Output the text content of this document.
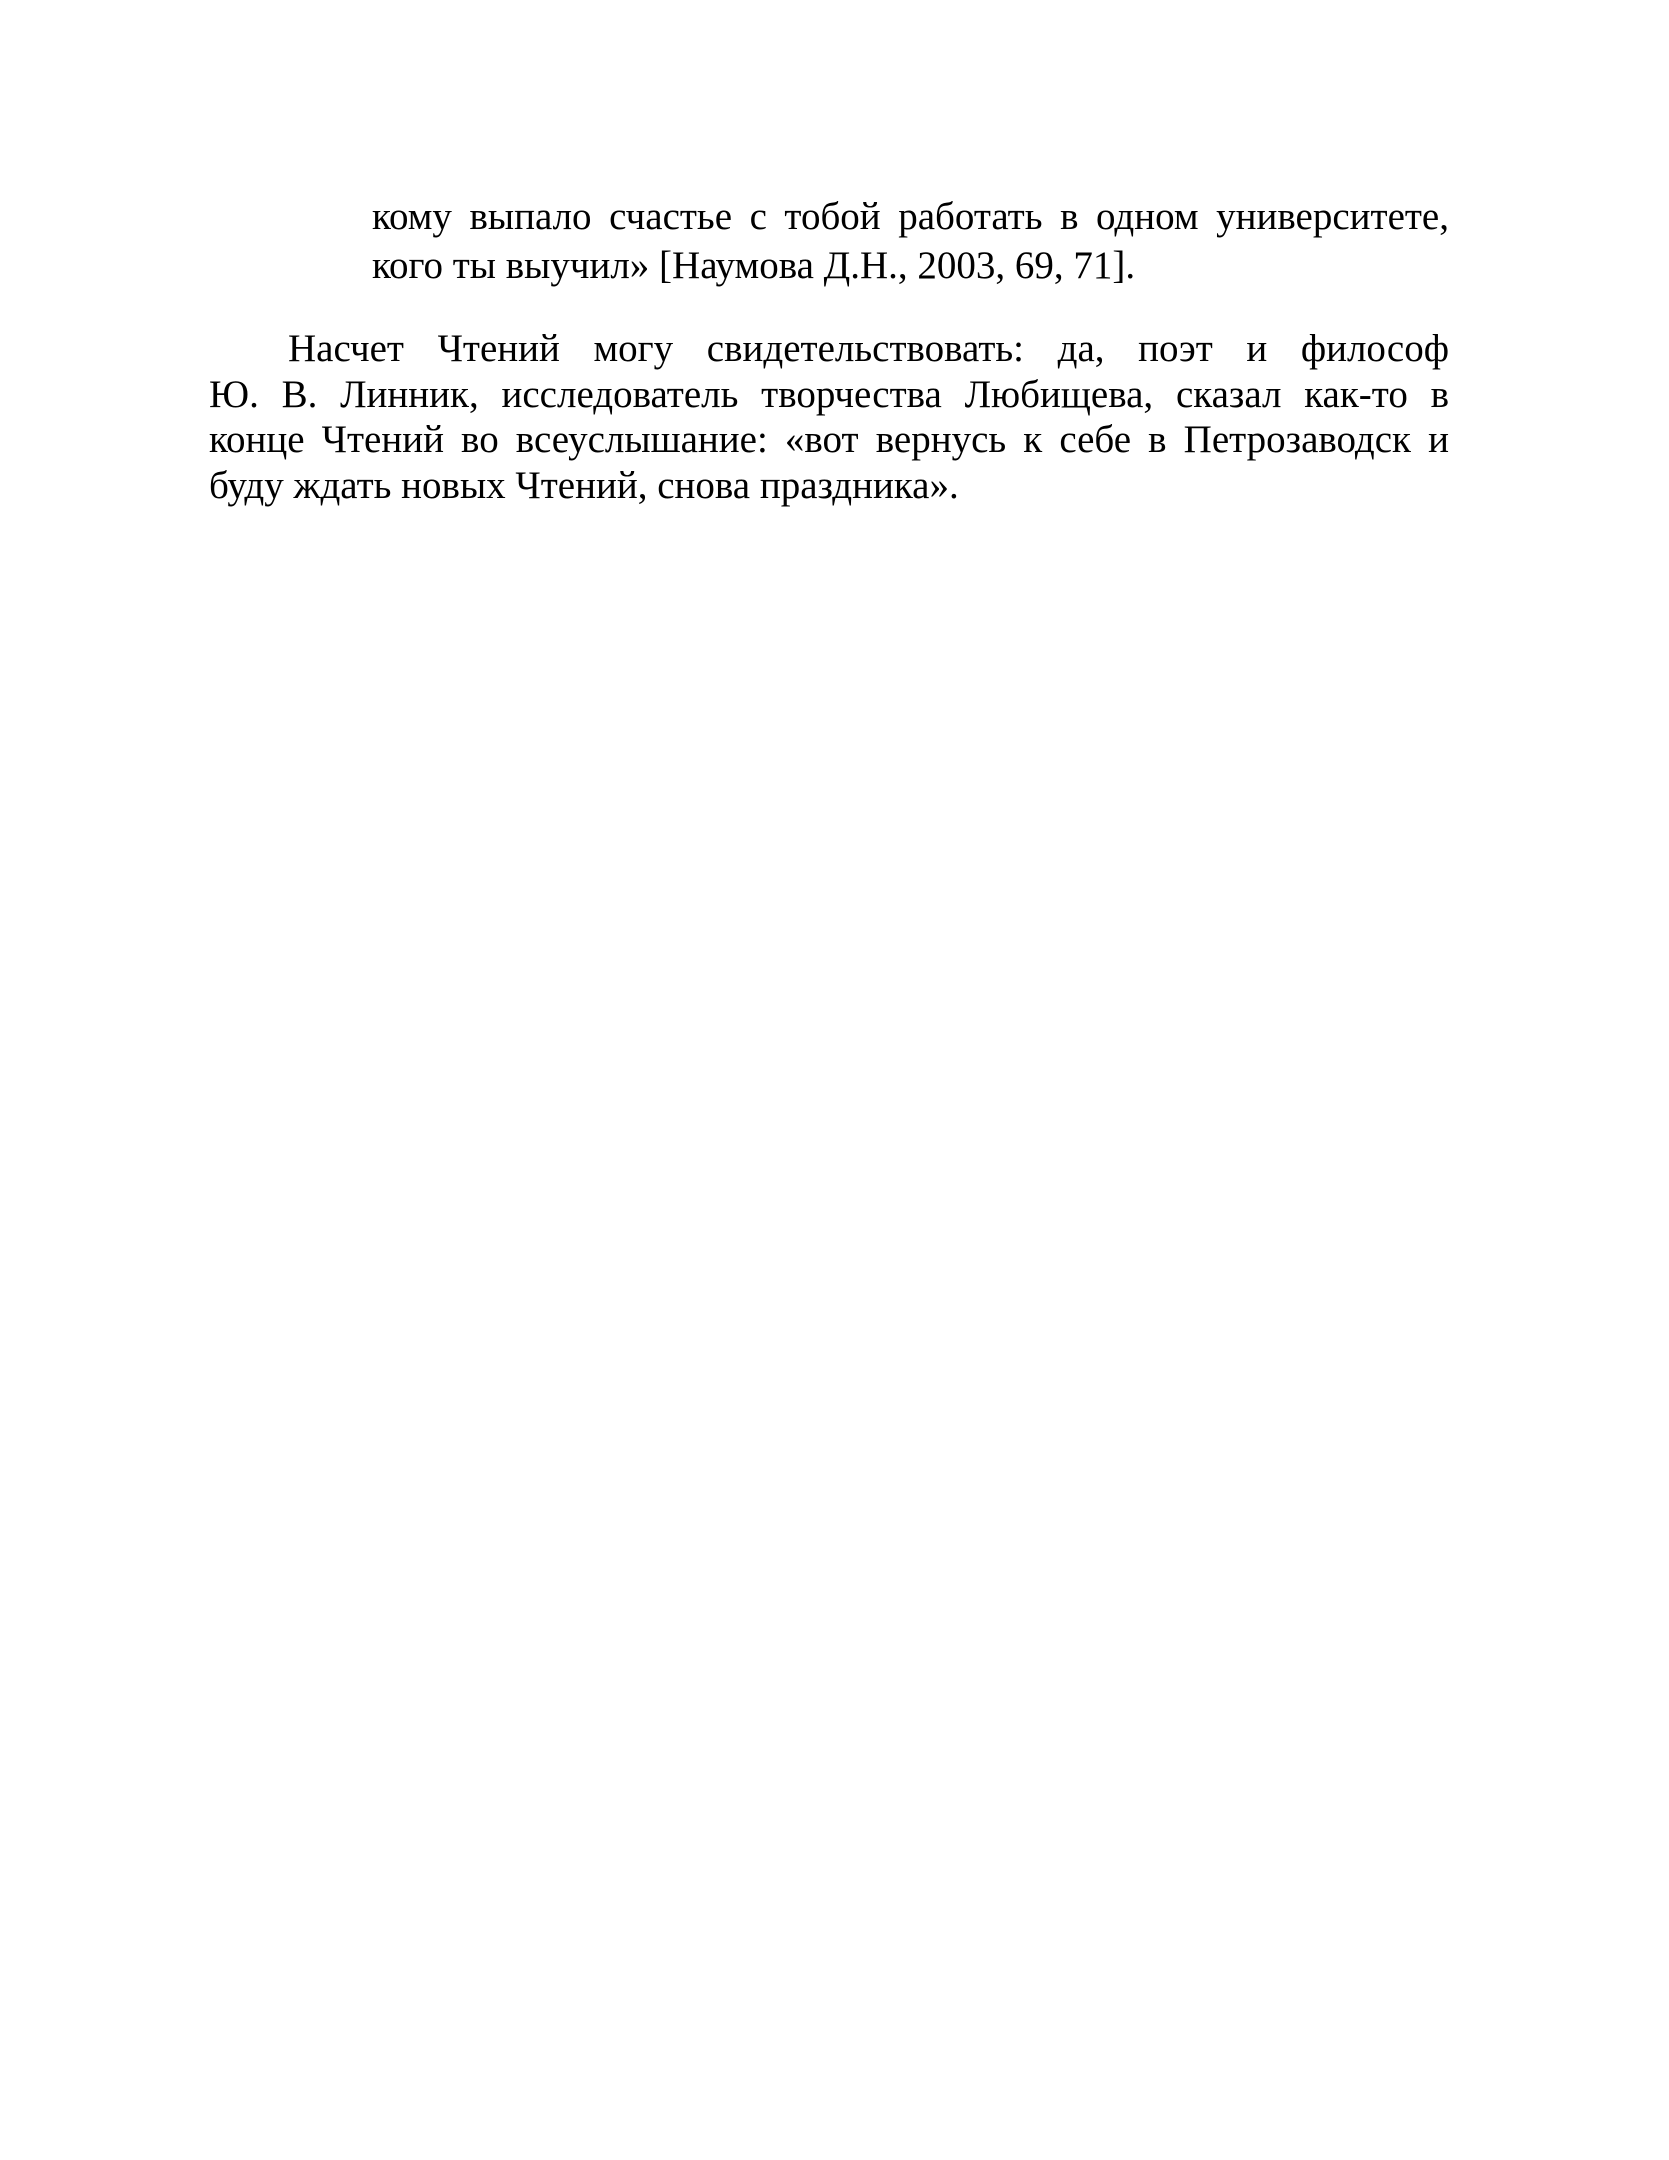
кому выпало счастье с тобой работать в одном университете,
кого ты выучил» [Наумова Д.Н., 2003, 69, 71].
Насчет Чтений могу свидетельствовать: да, поэт и философ
Ю. В. Линник, исследователь творчества Любищева, сказал как-то в
конце Чтений во всеуслышание: «вот вернусь к себе в Петрозаводск и
буду ждать новых Чтений, снова праздника».
